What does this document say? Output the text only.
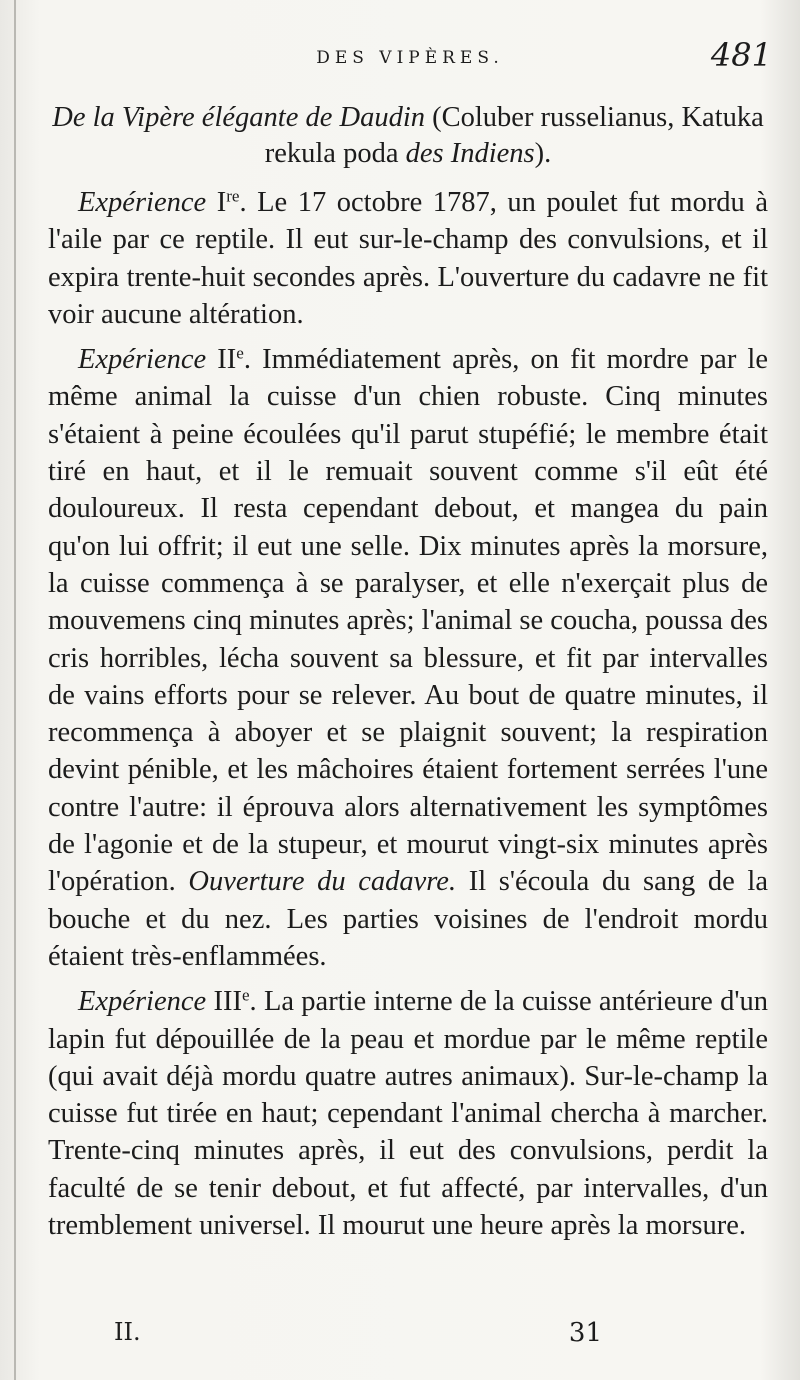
DES VIPÈRES.	481
De la Vipère élégante de Daudin (Coluber russelianus, Katuka rekula poda des Indiens).

Expérience Ire. Le 17 octobre 1787, un poulet fut mordu à l'aile par ce reptile. Il eut sur-le-champ des convulsions, et il expira trente-huit secondes après. L'ouverture du cadavre ne fit voir aucune altération.

Expérience IIe. Immédiatement après, on fit mordre par le même animal la cuisse d'un chien robuste. Cinq minutes s'étaient à peine écoulées qu'il parut stupéfié; le membre était tiré en haut, et il le remuait souvent comme s'il eût été douloureux. Il resta cependant debout, et mangea du pain qu'on lui offrit; il eut une selle. Dix minutes après la morsure, la cuisse commença à se paralyser, et elle n'exerçait plus de mouvemens cinq minutes après; l'animal se coucha, poussa des cris horribles, lécha souvent sa blessure, et fit par intervalles de vains efforts pour se relever. Au bout de quatre minutes, il recommença à aboyer et se plaignit souvent; la respiration devint pénible, et les mâchoires étaient fortement serrées l'une contre l'autre: il éprouva alors alternativement les symptômes de l'agonie et de la stupeur, et mourut vingt-six minutes après l'opération. Ouverture du cadavre. Il s'écoula du sang de la bouche et du nez. Les parties voisines de l'endroit mordu étaient très-enflammées.

Expérience IIIe. La partie interne de la cuisse antérieure d'un lapin fut dépouillée de la peau et mordue par le même reptile (qui avait déjà mordu quatre autres animaux). Sur-le-champ la cuisse fut tirée en haut; cependant l'animal chercha à marcher. Trente-cinq minutes après, il eut des convulsions, perdit la faculté de se tenir debout, et fut affecté, par intervalles, d'un tremblement universel. Il mourut une heure après la morsure.

II.	31
